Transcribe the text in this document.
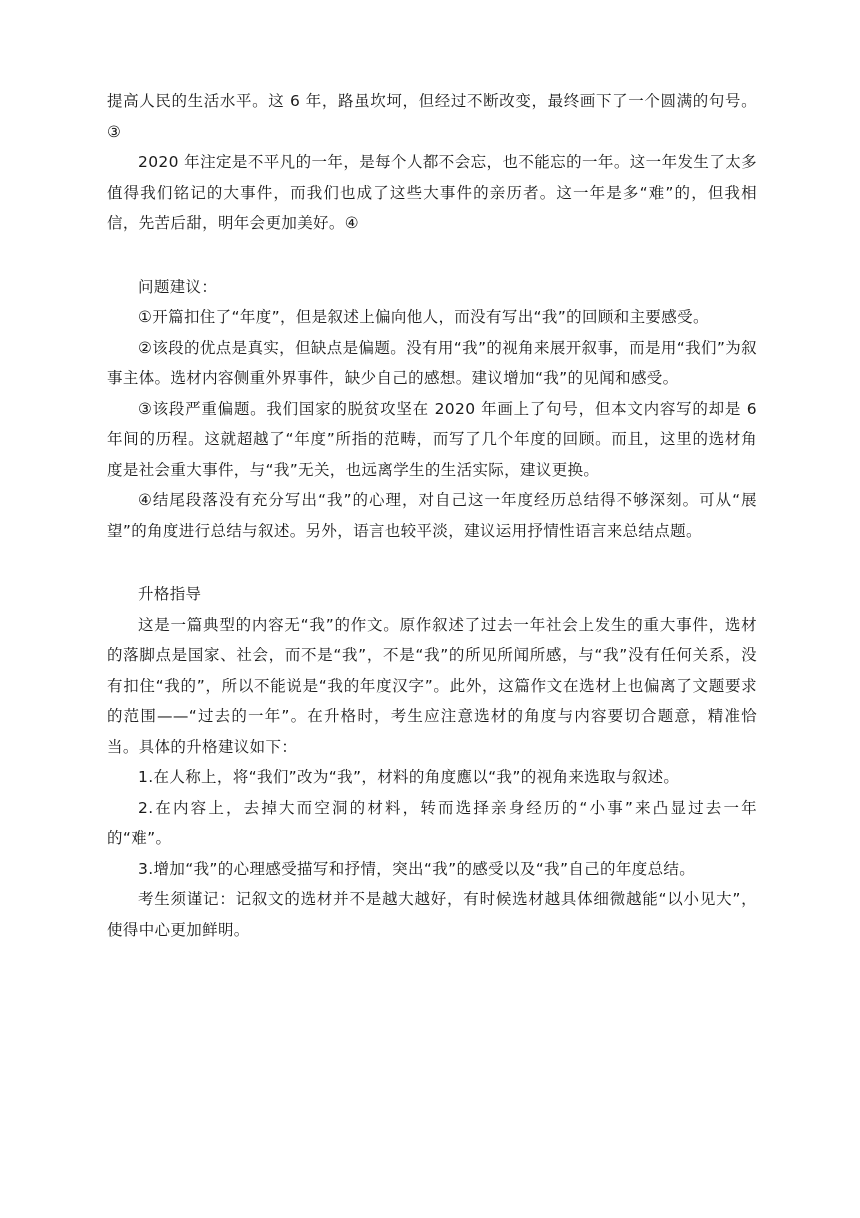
提高人民的生活水平。这 6 年，路虽坎坷，但经过不断改变，最终画下了一个圆满的句号。③

2020 年注定是不平凡的一年，是每个人都不会忘，也不能忘的一年。这一年发生了太多值得我们铭记的大事件，而我们也成了这些大事件的亲历者。这一年是多“难”的，但我相信，先苦后甜，明年会更加美好。④

问题建议：

①开篇扣住了“年度”，但是叙述上偏向他人，而没有写出“我”的回顾和主要感受。

②该段的优点是真实，但缺点是偏题。没有用“我”的视角来展开叙事，而是用“我们”为叙事主体。选材内容侧重外界事件，缺少自己的感想。建议增加“我”的见闻和感受。

③该段严重偏题。我们国家的脱贫攻坚在 2020 年画上了句号，但本文内容写的却是 6 年间的历程。这就超越了“年度”所指的范畴，而写了几个年度的回顾。而且，这里的选材角度是社会重大事件，与“我”无关，也远离学生的生活实际，建议更换。

④结尾段落没有充分写出“我”的心理，对自己这一年度经历总结得不够深刻。可从“展望”的角度进行总结与叙述。另外，语言也较平淡，建议运用抒情性语言来总结点题。

升格指导

这是一篇典型的内容无“我”的作文。原作叙述了过去一年社会上发生的重大事件，选材的落脚点是国家、社会，而不是“我”，不是“我”的所见所闻所感，与“我”没有任何关系，没有扣住“我的”，所以不能说是“我的年度汉字”。此外，这篇作文在选材上也偏离了文题要求的范围——“过去的一年”。在升格时，考生应注意选材的角度与内容要切合题意，精准恰当。具体的升格建议如下：

1.在人称上，将“我们”改为“我”，材料的角度應以“我”的视角来选取与叙述。

2.在内容上，去掉大而空洞的材料，转而选择亲身经历的“小事”来凸显过去一年的“难”。

3.增加“我”的心理感受描写和抒情，突出“我”的感受以及“我”自己的年度总结。

考生须谨记：记叙文的选材并不是越大越好，有时候选材越具体细微越能“以小见大”，使得中心更加鲜明。
